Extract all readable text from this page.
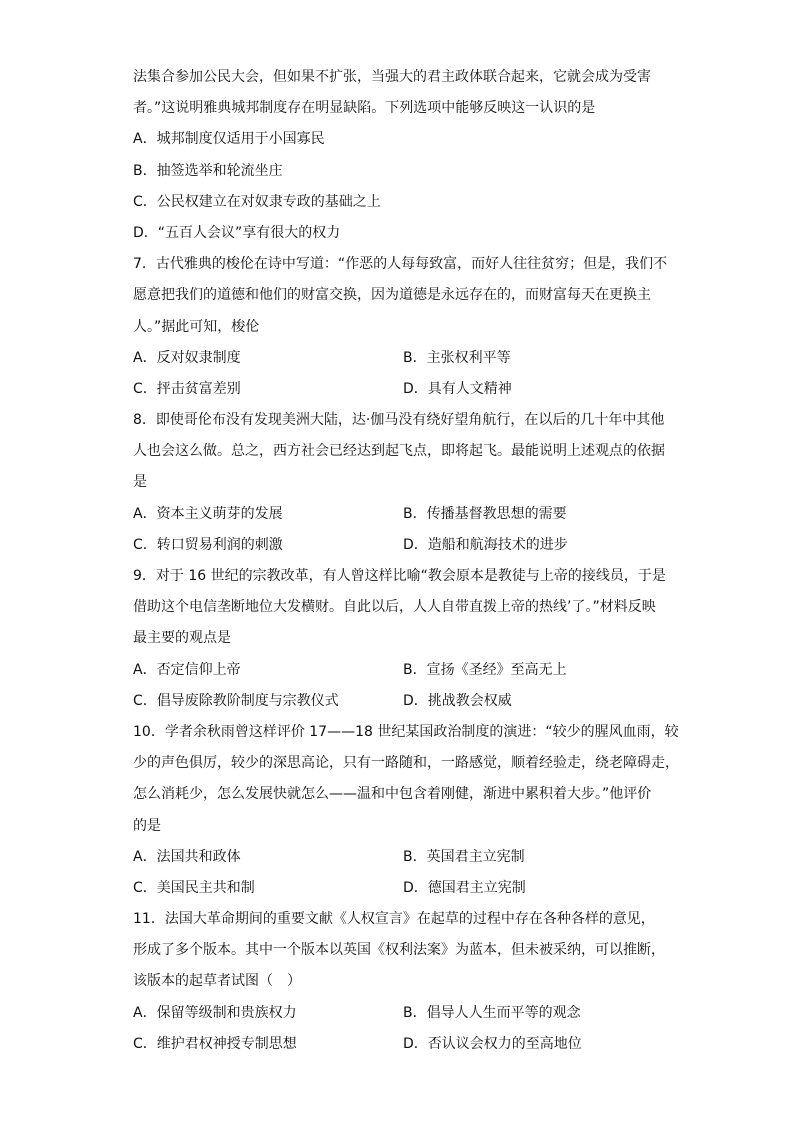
法集合参加公民大会，但如果不扩张，当强大的君主政体联合起来，它就会成为受害
者。”这说明雅典城邦制度存在明显缺陷。下列选项中能够反映这一认识的是
A．城邦制度仅适用于小国寡民
B．抽签选举和轮流坐庄
C．公民权建立在对奴隶专政的基础之上
D．“五百人会议”享有很大的权力
7．古代雅典的梭伦在诗中写道：“作恶的人每每致富，而好人往往贫穷；但是，我们不
愿意把我们的道德和他们的财富交换，因为道德是永远存在的，而财富每天在更换主
人。”据此可知，梭伦
A．反对奴隶制度	B．主张权利平等
C．抨击贫富差别	D．具有人文精神
8．即使哥伦布没有发现美洲大陆，达·伽马没有绕好望角航行，在以后的几十年中其他
人也会这么做。总之，西方社会已经达到起飞点，即将起飞。最能说明上述观点的依据
是
A．资本主义萌芽的发展	B．传播基督教思想的需要
C．转口贸易利润的刺激	D．造船和航海技术的进步
9．对于 16 世纪的宗教改革，有人曾这样比喻“教会原本是教徒与上帝的接线员，于是
借助这个电信垄断地位大发横财。自此以后，人人自带直拨上帝的热线’了。”材料反映
最主要的观点是
A．否定信仰上帝	B．宣扬《圣经》至高无上
C．倡导废除教阶制度与宗教仪式	D．挑战教会权威
10．学者余秋雨曾这样评价 17——18 世纪某国政治制度的演进：“较少的腥风血雨，较
少的声色俱厉，较少的深思高论，只有一路随和，一路感觉，顺着经验走，绕老障碍走，
怎么消耗少，怎么发展快就怎么——温和中包含着刚健，渐进中累积着大步。”他评价
的是
A．法国共和政体	B．英国君主立宪制
C．美国民主共和制	D．德国君主立宪制
11．法国大革命期间的重要文献《人权宣言》在起草的过程中存在各种各样的意见，
形成了多个版本。其中一个版本以英国《权利法案》为蓝本，但未被采纳，可以推断，
该版本的起草者试图（　）
A．保留等级制和贵族权力	B．倡导人人生而平等的观念
C．维护君权神授专制思想	D．否认议会权力的至高地位
